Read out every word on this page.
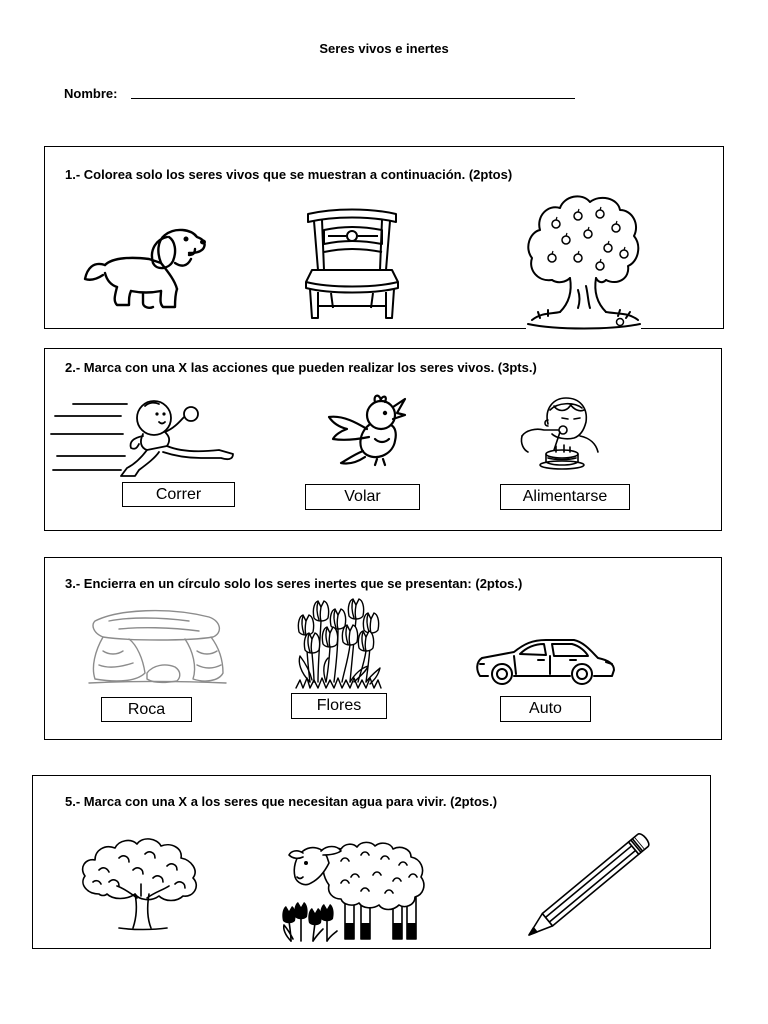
Seres vivos e inertes
Nombre:
1.- Colorea solo los seres vivos que se muestran a continuación. (2ptos)
2.- Marca con una X las acciones que pueden realizar los seres vivos. (3pts.)
Correr	Volar	Alimentarse
3.- Encierra en un círculo solo los seres inertes que se presentan: (2ptos.)
Roca	Flores	Auto
5.- Marca con una X a los seres que necesitan agua para vivir. (2ptos.)
